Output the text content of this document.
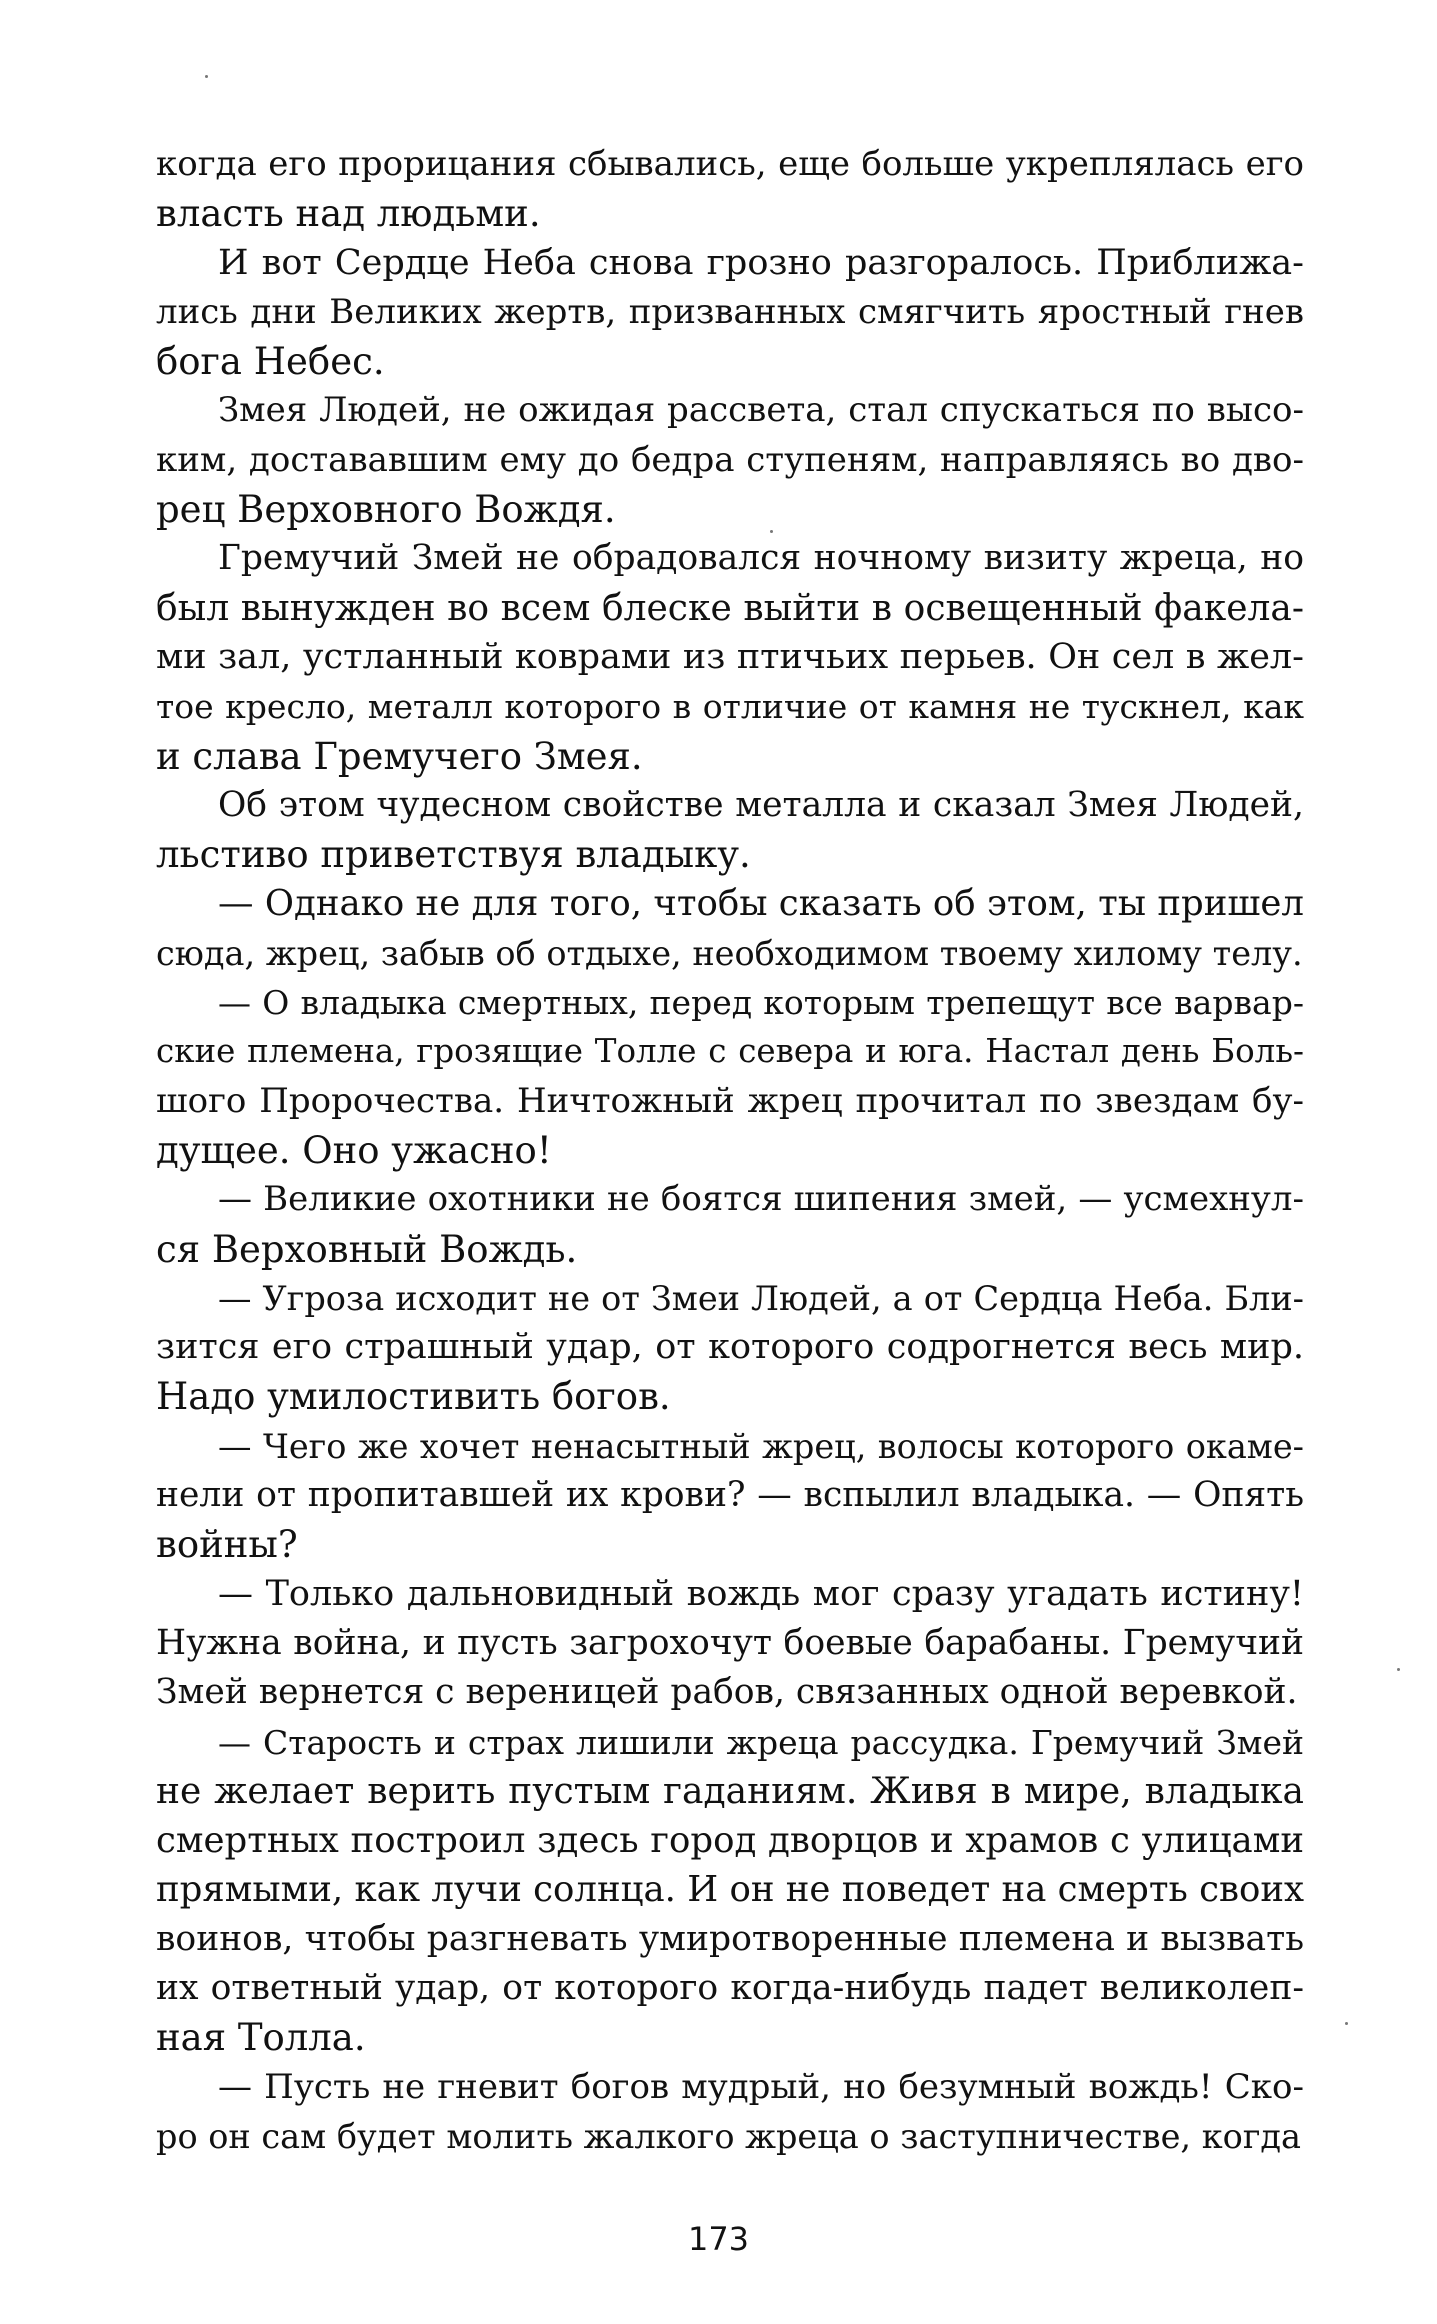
когда его прорицания сбывались, еще больше укреплялась его
власть над людьми.
И вот Сердце Неба снова грозно разгоралось. Приближа-
лись дни Великих жертв, призванных смягчить яростный гнев
бога Небес.
Змея Людей, не ожидая рассвета, стал спускаться по высо-
ким, достававшим ему до бедра ступеням, направляясь во дво-
рец Верховного Вождя.
Гремучий Змей не обрадовался ночному визиту жреца, но
был вынужден во всем блеске выйти в освещенный факела-
ми зал, устланный коврами из птичьих перьев. Он сел в жел-
тое кресло, металл которого в отличие от камня не тускнел, как
и слава Гремучего Змея.
Об этом чудесном свойстве металла и сказал Змея Людей,
льстиво приветствуя владыку.
— Однако не для того, чтобы сказать об этом, ты пришел
сюда, жрец, забыв об отдыхе, необходимом твоему хилому телу.
— О владыка смертных, перед которым трепещут все варвар-
ские племена, грозящие Толле с севера и юга. Настал день Боль-
шого Пророчества. Ничтожный жрец прочитал по звездам бу-
дущее. Оно ужасно!
— Великие охотники не боятся шипения змей, — усмехнул-
ся Верховный Вождь.
— Угроза исходит не от Змеи Людей, а от Сердца Неба. Бли-
зится его страшный удар, от которого содрогнется весь мир.
Надо умилостивить богов.
— Чего же хочет ненасытный жрец, волосы которого окаме-
нели от пропитавшей их крови? — вспылил владыка. — Опять
войны?
— Только дальновидный вождь мог сразу угадать истину!
Нужна война, и пусть загрохочут боевые барабаны. Гремучий
Змей вернется с вереницей рабов, связанных одной веревкой.
— Старость и страх лишили жреца рассудка. Гремучий Змей
не желает верить пустым гаданиям. Живя в мире, владыка
смертных построил здесь город дворцов и храмов с улицами
прямыми, как лучи солнца. И он не поведет на смерть своих
воинов, чтобы разгневать умиротворенные племена и вызвать
их ответный удар, от которого когда-нибудь падет великолеп-
ная Толла.
— Пусть не гневит богов мудрый, но безумный вождь! Ско-
ро он сам будет молить жалкого жреца о заступничестве, когда
173
